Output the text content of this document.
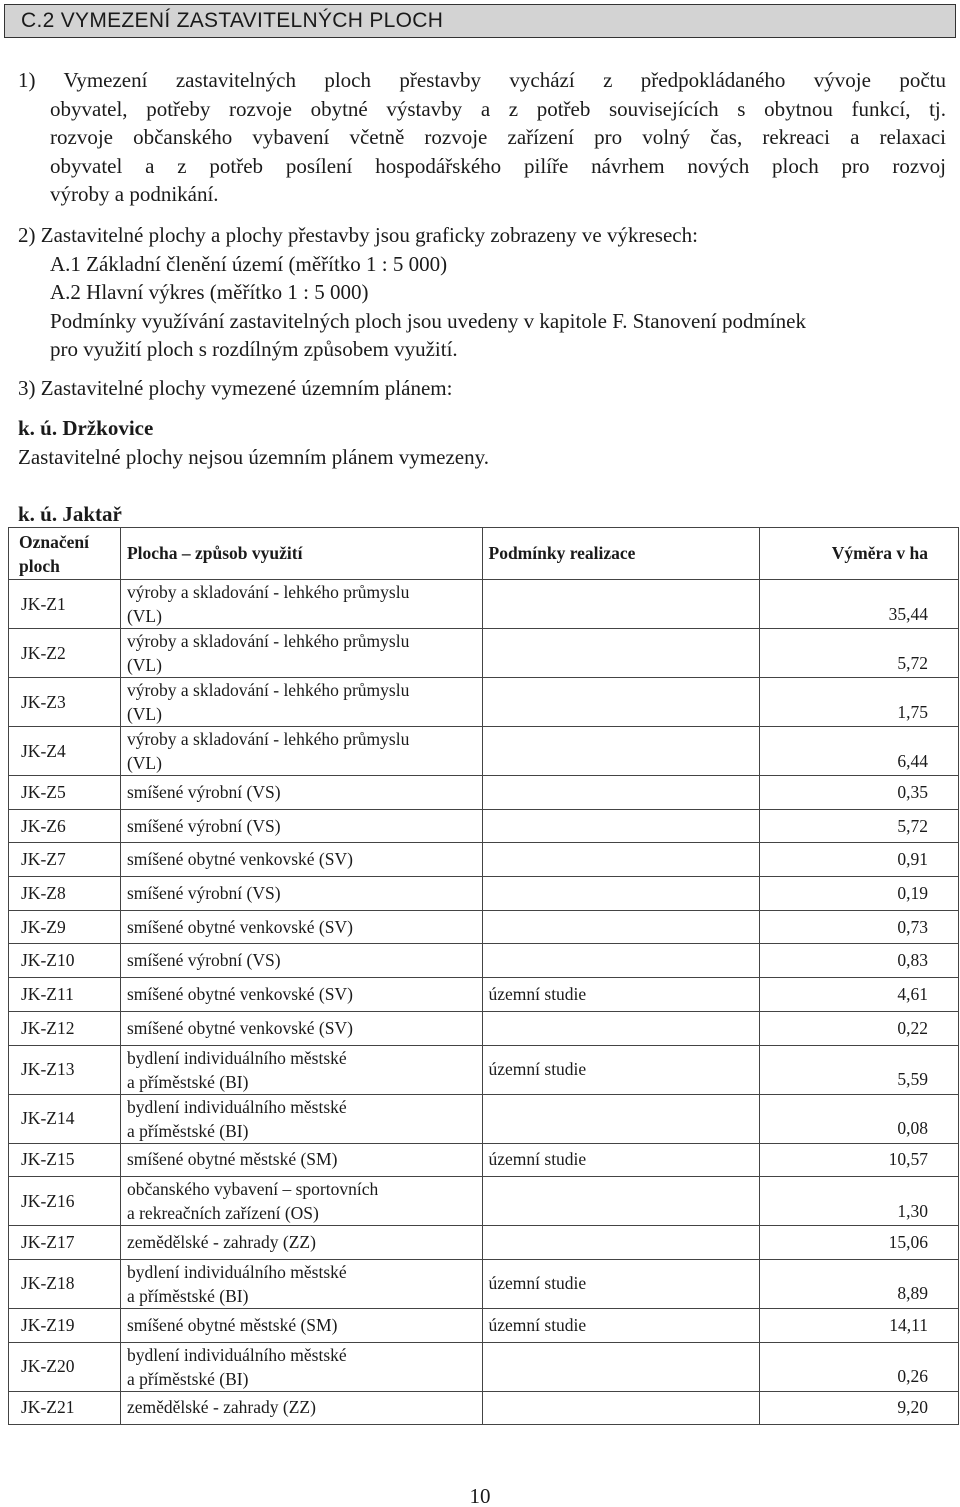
C.2 VYMEZENÍ ZASTAVITELNÝCH PLOCH
1) Vymezení zastavitelných ploch přestavby vychází z předpokládaného vývoje počtu
obyvatel, potřeby rozvoje obytné výstavby a z potřeb souvisejících s obytnou funkcí, tj.
rozvoje občanského vybavení včetně rozvoje zařízení pro volný čas, rekreaci a relaxaci
obyvatel a z potřeb posílení hospodářského pilíře návrhem nových ploch pro rozvoj
výroby a podnikání.
2) Zastavitelné plochy a plochy přestavby jsou graficky zobrazeny ve výkresech:
A.1 Základní členění území (měřítko 1 : 5 000)
A.2 Hlavní výkres (měřítko 1 : 5 000)
Podmínky využívání zastavitelných ploch jsou uvedeny v kapitole F. Stanovení podmínek
pro využití ploch s rozdílným způsobem využití.
3) Zastavitelné plochy vymezené územním plánem:
k. ú. Držkovice
Zastavitelné plochy nejsou územním plánem vymezeny.
k. ú. Jaktař
Označení
ploch	Plocha – způsob využití	Podmínky realizace	Výměra v ha
JK-Z1	výroby a skladování - lehkého průmyslu
(VL)		35,44
JK-Z2	výroby a skladování - lehkého průmyslu
(VL)		5,72
JK-Z3	výroby a skladování - lehkého průmyslu
(VL)		1,75
JK-Z4	výroby a skladování - lehkého průmyslu
(VL)		6,44
JK-Z5	smíšené výrobní (VS)		0,35
JK-Z6	smíšené výrobní (VS)		5,72
JK-Z7	smíšené obytné venkovské (SV)		0,91
JK-Z8	smíšené výrobní (VS)		0,19
JK-Z9	smíšené obytné venkovské (SV)		0,73
JK-Z10	smíšené výrobní (VS)		0,83
JK-Z11	smíšené obytné venkovské (SV)	územní studie	4,61
JK-Z12	smíšené obytné venkovské (SV)		0,22
JK-Z13	bydlení individuálního městské
a příměstské (BI)	územní studie	5,59
JK-Z14	bydlení individuálního městské
a příměstské (BI)		0,08
JK-Z15	smíšené obytné městské (SM)	územní studie	10,57
JK-Z16	občanského vybavení – sportovních
a rekreačních zařízení (OS)		1,30
JK-Z17	zemědělské - zahrady (ZZ)		15,06
JK-Z18	bydlení individuálního městské
a příměstské (BI)	územní studie	8,89
JK-Z19	smíšené obytné městské (SM)	územní studie	14,11
JK-Z20	bydlení individuálního městské
a příměstské (BI)		0,26
JK-Z21	zemědělské - zahrady (ZZ)		9,20
10
